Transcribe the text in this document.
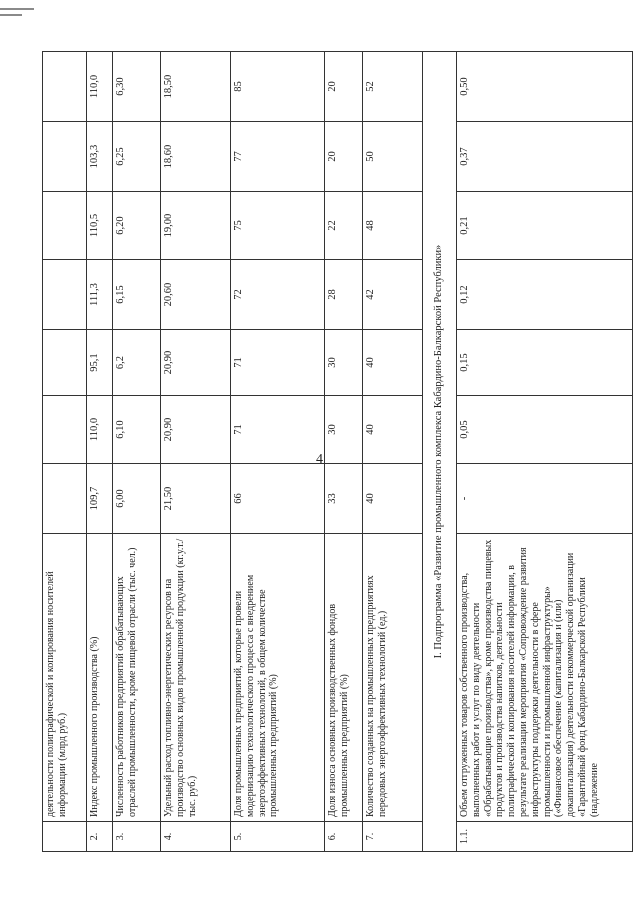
4
	деятельности полиграфической и копирования носителей информации (млрд руб.)							
2.	Индекс промышленного производства (%)	109,7	110,0	95,1	111,3	110,5	103,3	110,0
3.	Численность работников предприятий обрабатывающих отраслей промышленности, кроме пищевой отрасли (тыс. чел.)	6,00	6,10	6,2	6,15	6,20	6,25	6,30
4.	Удельный расход топливно-энергетических ресурсов на производство основных видов промышленной продукции (кг.у.т./тыс. руб.)	21,50	20,90	20,90	20,60	19,00	18,60	18,50
5.	Доля промышленных предприятий, которые провели модернизацию технологического процесса с внедрением энергоэффективных технологий, в общем количестве промышленных предприятий (%)	66	71	71	72	75	77	85
6.	Доля износа основных производственных фондов промышленных предприятий (%)	33	30	30	28	22	20	20
7.	Количество созданных на промышленных предприятиях передовых энергоэффективных технологий (ед.)	40	40	40	42	48	50	52
I. Подпрограмма «Развитие промышленного комплекса Кабардино-Балкарской Республики»								
1.1.	Объем отгруженных товаров собственного производства, выполненных работ и услуг по виду деятельности «Обрабатывающие производства», кроме производства пищевых продуктов и производства напитков, деятельности полиграфической и копирования носителей информации, в результате реализации мероприятия «Сопровождение развития инфраструктуры поддержки деятельности в сфере промышленности и промышленной инфраструктуры» («Финансовое обеспечение (капитализация и (или) докапитализация) деятельности некоммерческой организации «Гарантийный фонд Кабардино-Балкарской Республики (надлежение	-	0,05	0,15	0,12	0,21	0,37	0,50
